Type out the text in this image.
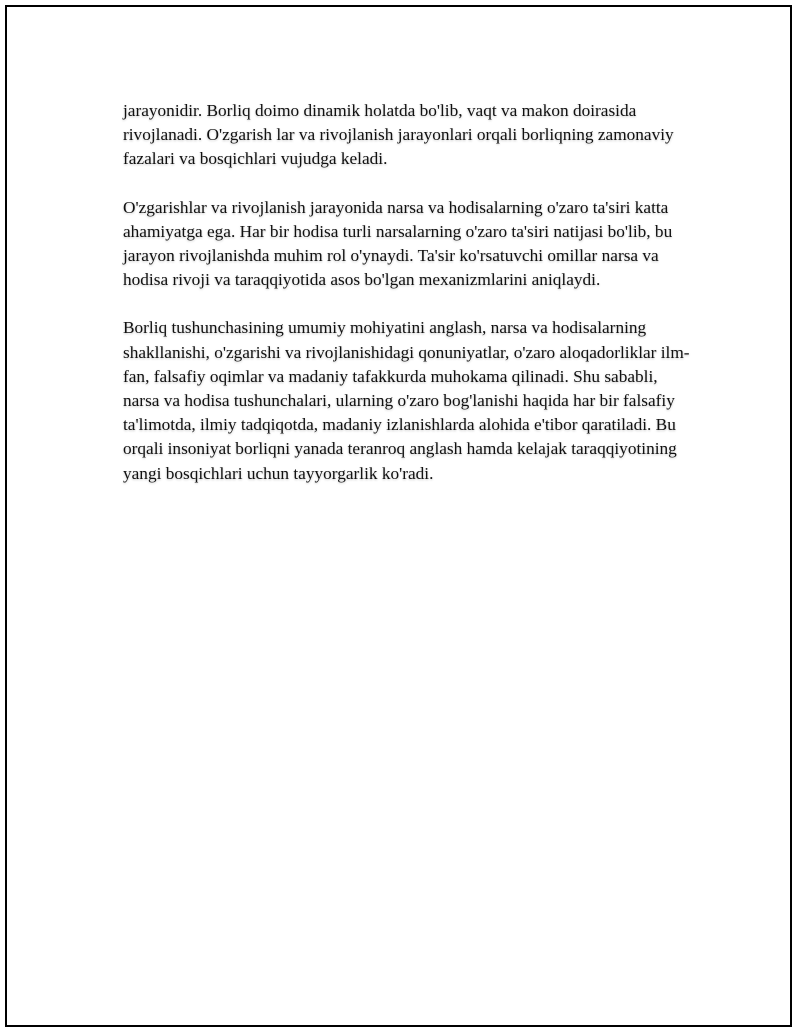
jarayonidir. Borliq doimo dinamik holatda bo'lib, vaqt va makon doirasida rivojlanadi. O'zgarish lar va rivojlanish jarayonlari orqali borliqning zamonaviy fazalari va bosqichlari vujudga keladi.

O'zgarishlar va rivojlanish jarayonida narsa va hodisalarning o'zaro ta'siri katta ahamiyatga ega. Har bir hodisa turli narsalarning o'zaro ta'siri natijasi bo'lib, bu jarayon rivojlanishda muhim rol o'ynaydi. Ta'sir ko'rsatuvchi omillar narsa va hodisa rivoji va taraqqiyotida asos bo'lgan mexanizmlarini aniqlaydi.

Borliq tushunchasining umumiy mohiyatini anglash, narsa va hodisalarning shakllanishi, o'zgarishi va rivojlanishidagi qonuniyatlar, o'zaro aloqadorliklar ilm-fan, falsafiy oqimlar va madaniy tafakkurda muhokama qilinadi. Shu sababli, narsa va hodisa tushunchalari, ularning o'zaro bog'lanishi haqida har bir falsafiy ta'limotda, ilmiy tadqiqotda, madaniy izlanishlarda alohida e'tibor qaratiladi. Bu orqali insoniyat borliqni yanada teranroq anglash hamda kelajak taraqqiyotining yangi bosqichlari uchun tayyorgarlik ko'radi.
